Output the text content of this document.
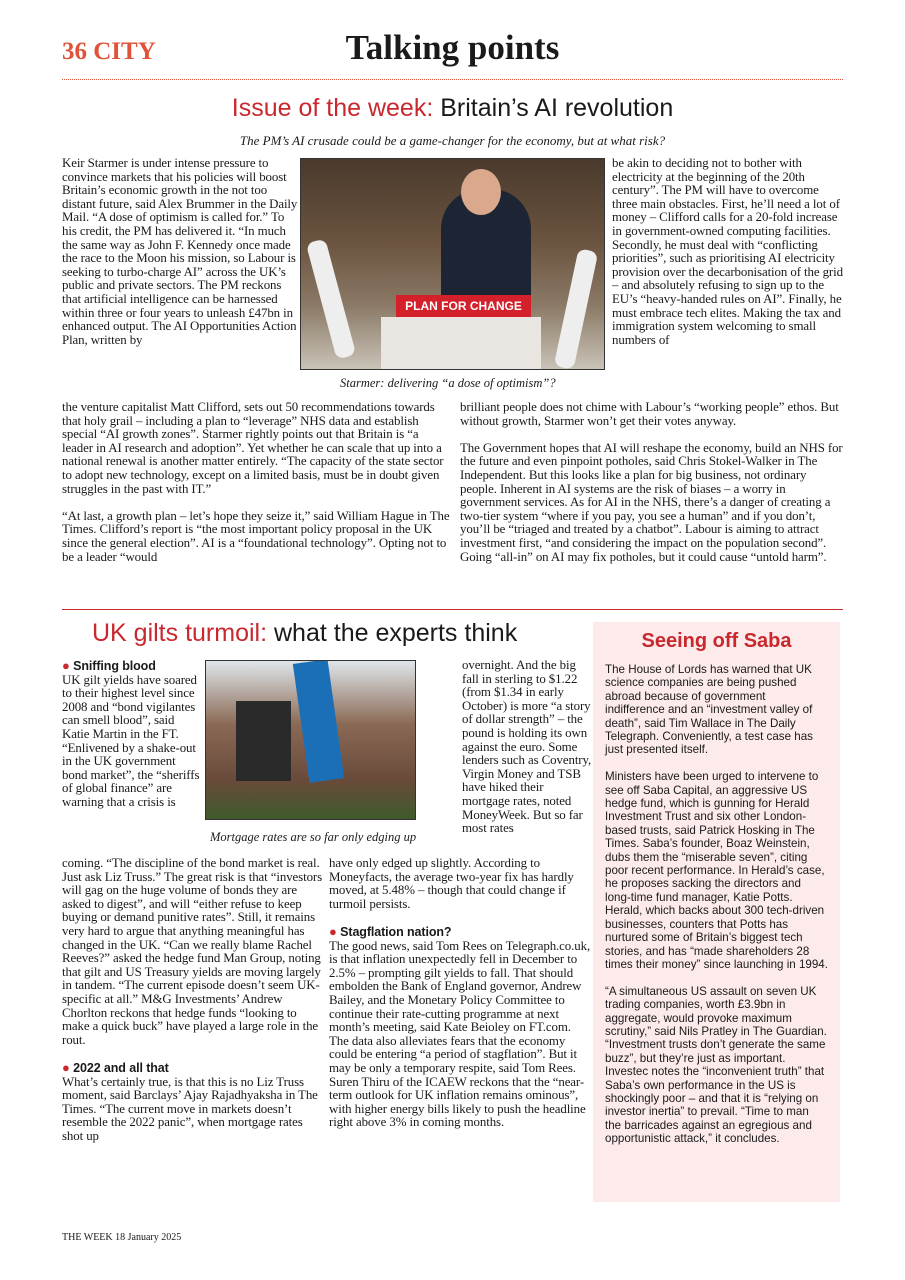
36 CITY	Talking points
Issue of the week: Britain’s AI revolution
The PM’s AI crusade could be a game-changer for the economy, but at what risk?
PLAN FOR CHANGE
Starmer: delivering “a dose of optimism”?

Keir Starmer is under intense pressure to convince markets that his policies will boost Britain’s economic growth in the not too distant future, said Alex Brummer in the Daily Mail. “A dose of optimism is called for.” To his credit, the PM has delivered it. “In much the same way as John F. Kennedy once made the race to the Moon his mission, so Labour is seeking to turbo-charge AI” across the UK’s public and private sectors. The PM reckons that artificial intelligence can be harnessed within three or four years to unleash £47bn in enhanced output. The AI Opportunities Action Plan, written by

be akin to deciding not to bother with electricity at the beginning of the 20th century”. The PM will have to overcome three main obstacles. First, he’ll need a lot of money – Clifford calls for a 20-fold increase in government-owned computing facilities. Secondly, he must deal with “conflicting priorities”, such as prioritising AI electricity provision over the decarbonisation of the grid – and absolutely refusing to sign up to the EU’s “heavy-handed rules on AI”. Finally, he must embrace tech elites. Making the tax and immigration system welcoming to small numbers of

the venture capitalist Matt Clifford, sets out 50 recommendations towards that holy grail – including a plan to “leverage” NHS data and establish special “AI growth zones”. Starmer rightly points out that Britain is “a leader in AI research and adoption”. Yet whether he can scale that up into a national renewal is another matter entirely. “The capacity of the state sector to adopt new technology, except on a limited basis, must be in doubt given struggles in the past with IT.”

“At last, a growth plan – let’s hope they seize it,” said William Hague in The Times. Clifford’s report is “the most important policy proposal in the UK since the general election”. AI is a “foundational technology”. Opting not to be a leader “would

brilliant people does not chime with Labour’s “working people” ethos. But without growth, Starmer won’t get their votes anyway.

The Government hopes that AI will reshape the economy, build an NHS for the future and even pinpoint potholes, said Chris Stokel-Walker in The Independent. But this looks like a plan for big business, not ordinary people. Inherent in AI systems are the risk of biases – a worry in government services. As for AI in the NHS, there’s a danger of creating a two-tier system “where if you pay, you see a human” and if you don’t, you’ll be “triaged and treated by a chatbot”. Labour is aiming to attract investment first, “and considering the impact on the population second”. Going “all-in” on AI may fix potholes, but it could cause “untold harm”.

UK gilts turmoil: what the experts think
Mortgage rates are so far only edging up
● Sniffing blood

UK gilt yields have soared to their highest level since 2008 and “bond vigilantes can smell blood”, said Katie Martin in the FT. “Enlivened by a shake-out in the UK government bond market”, the “sheriffs of global finance” are warning that a crisis is

overnight. And the big fall in sterling to $1.22 (from $1.34 in early October) is more “a story of dollar strength” – the pound is holding its own against the euro. Some lenders such as Coventry, Virgin Money and TSB have hiked their mortgage rates, noted MoneyWeek. But so far most rates

coming. “The discipline of the bond market is real. Just ask Liz Truss.” The great risk is that “investors will gag on the huge volume of bonds they are asked to digest”, and will “either refuse to keep buying or demand punitive rates”. Still, it remains very hard to argue that anything meaningful has changed in the UK. “Can we really blame Rachel Reeves?” asked the hedge fund Man Group, noting that gilt and US Treasury yields are moving largely in tandem. “The current episode doesn’t seem UK-specific at all.” M&G Investments’ Andrew Chorlton reckons that hedge funds “looking to make a quick buck” have played a large role in the rout.

● 2022 and all that

What’s certainly true, is that this is no Liz Truss moment, said Barclays’ Ajay Rajadhyaksha in The Times. “The current move in markets doesn’t resemble the 2022 panic”, when mortgage rates shot up

have only edged up slightly. According to Moneyfacts, the average two-year fix has hardly moved, at 5.48% – though that could change if turmoil persists.

● Stagflation nation?

The good news, said Tom Rees on Telegraph.co.uk, is that inflation unexpectedly fell in December to 2.5% – prompting gilt yields to fall. That should embolden the Bank of England governor, Andrew Bailey, and the Monetary Policy Committee to continue their rate-cutting programme at next month’s meeting, said Kate Beioley on FT.com. The data also alleviates fears that the economy could be entering “a period of stagflation”. But it may be only a temporary respite, said Tom Rees. Suren Thiru of the ICAEW reckons that the “near-term outlook for UK inflation remains ominous”, with higher energy bills likely to push the headline right above 3% in coming months.

Seeing off Saba

The House of Lords has warned that UK science companies are being pushed abroad because of government indifference and an “investment valley of death”, said Tim Wallace in The Daily Telegraph. Conveniently, a test case has just presented itself.

Ministers have been urged to intervene to see off Saba Capital, an aggressive US hedge fund, which is gunning for Herald Investment Trust and six other London-based trusts, said Patrick Hosking in The Times. Saba’s founder, Boaz Weinstein, dubs them the “miserable seven”, citing poor recent performance. In Herald’s case, he proposes sacking the directors and long-time fund manager, Katie Potts. Herald, which backs about 300 tech-driven businesses, counters that Potts has nurtured some of Britain’s biggest tech stories, and has “made shareholders 28 times their money” since launching in 1994.

“A simultaneous US assault on seven UK trading companies, worth £3.9bn in aggregate, would provoke maximum scrutiny,” said Nils Pratley in The Guardian. “Investment trusts don’t generate the same buzz”, but they’re just as important. Investec notes the “inconvenient truth” that Saba’s own performance in the US is shockingly poor – and that it is “relying on investor inertia” to prevail. “Time to man the barricades against an egregious and opportunistic attack,” it concludes.

THE WEEK 18 January 2025
